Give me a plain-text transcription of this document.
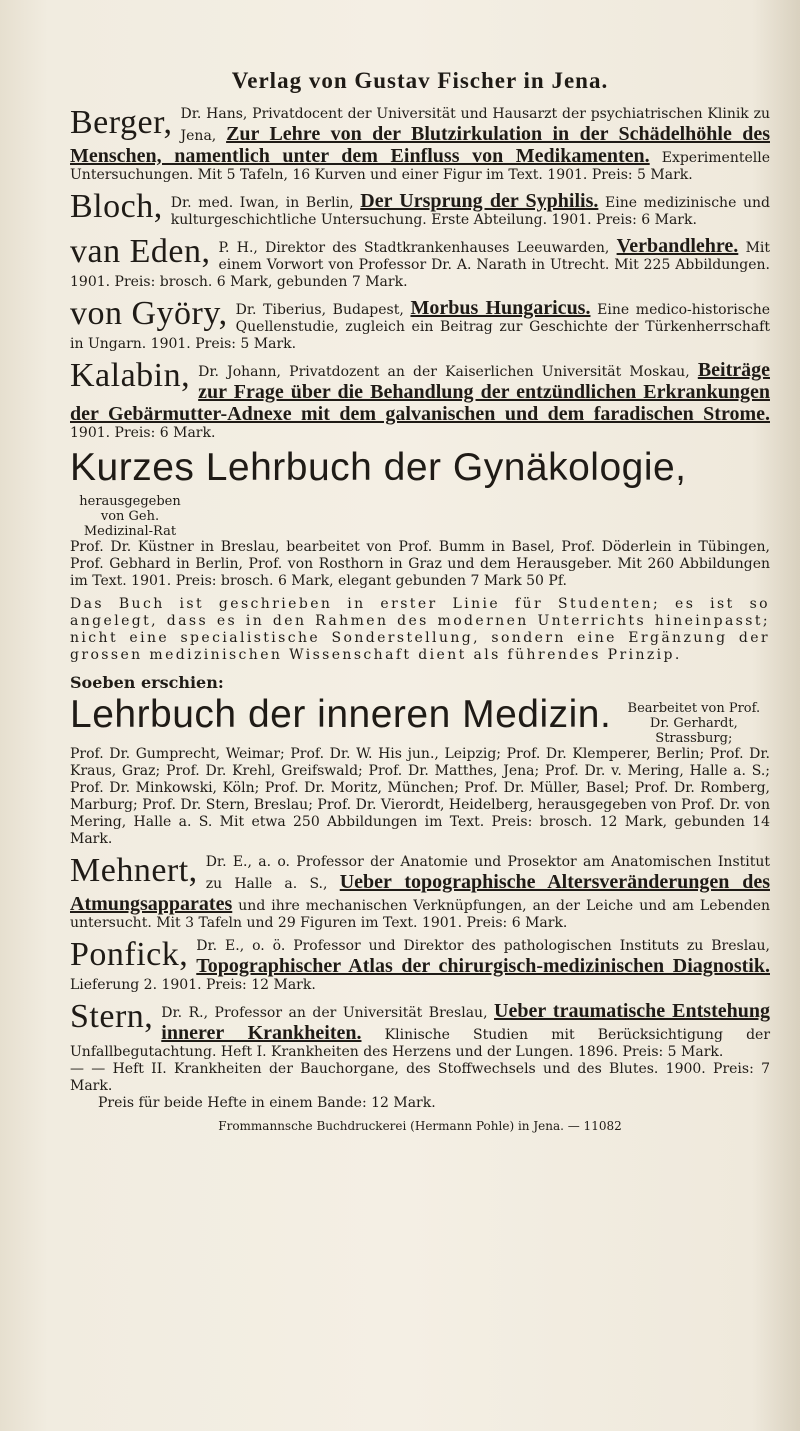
Verlag von Gustav Fischer in Jena.
Berger, Dr. Hans, Privatdocent der Universität und Hausarzt der psychiatrischen Klinik zu Jena, Zur Lehre von der Blutzirkulation in der Schädelhöhle des Menschen, namentlich unter dem Einfluss von Medikamenten. Experimentelle Untersuchungen. Mit 5 Tafeln, 16 Kurven und einer Figur im Text. 1901. Preis: 5 Mark.
Bloch, Dr. med. Iwan, in Berlin, Der Ursprung der Syphilis. Eine medizinische und kulturgeschichtliche Untersuchung. Erste Abteilung. 1901. Preis: 6 Mark.
van Eden, P. H., Direktor des Stadtkrankenhauses Leeuwarden, Verbandlehre. Mit einem Vorwort von Professor Dr. A. Narath in Utrecht. Mit 225 Abbildungen. 1901. Preis: brosch. 6 Mark, gebunden 7 Mark.
von Györy, Dr. Tiberius, Budapest, Morbus Hungaricus. Eine medico-historische Quellenstudie, zugleich ein Beitrag zur Geschichte der Türkenherrschaft in Ungarn. 1901. Preis: 5 Mark.
Kalabin, Dr. Johann, Privatdozent an der Kaiserlichen Universität Moskau, Beiträge zur Frage über die Behandlung der entzündlichen Erkrankungen der Gebärmutter-Adnexe mit dem galvanischen und dem faradischen Strome. 1901. Preis: 6 Mark.
Kurzes Lehrbuch der Gynäkologie,
herausgegeben von Geh. Medizinal-Rat
Prof. Dr. Küstner in Breslau, bearbeitet von Prof. Bumm in Basel, Prof. Döderlein in Tübingen, Prof. Gebhard in Berlin, Prof. von Rosthorn in Graz und dem Herausgeber. Mit 260 Abbildungen im Text. 1901. Preis: brosch. 6 Mark, elegant gebunden 7 Mark 50 Pf.
Das Buch ist geschrieben in erster Linie für Studenten; es ist so angelegt, dass es in den Rahmen des modernen Unterrichts hineinpasst; nicht eine specialistische Sonderstellung, sondern eine Ergänzung der grossen medizinischen Wissenschaft dient als führendes Prinzip.
Soeben erschien:
Lehrbuch der inneren Medizin.	Bearbeitet von Prof. Dr. Gerhardt, Strassburg;
Prof. Dr. Gumprecht, Weimar; Prof. Dr. W. His jun., Leipzig; Prof. Dr. Klemperer, Berlin; Prof. Dr. Kraus, Graz; Prof. Dr. Krehl, Greifswald; Prof. Dr. Matthes, Jena; Prof. Dr. v. Mering, Halle a. S.; Prof. Dr. Minkowski, Köln; Prof. Dr. Moritz, München; Prof. Dr. Müller, Basel; Prof. Dr. Romberg, Marburg; Prof. Dr. Stern, Breslau; Prof. Dr. Vierordt, Heidelberg, herausgegeben von Prof. Dr. von Mering, Halle a. S. Mit etwa 250 Abbildungen im Text. Preis: brosch. 12 Mark, gebunden 14 Mark.
Mehnert, Dr. E., a. o. Professor der Anatomie und Prosektor am Anatomischen Institut zu Halle a. S., Ueber topographische Altersveränderungen des Atmungsapparates und ihre mechanischen Verknüpfungen, an der Leiche und am Lebenden untersucht. Mit 3 Tafeln und 29 Figuren im Text. 1901. Preis: 6 Mark.
Ponfick, Dr. E., o. ö. Professor und Direktor des pathologischen Instituts zu Breslau, Topographischer Atlas der chirurgisch-medizinischen Diagnostik. Lieferung 2. 1901. Preis: 12 Mark.
Stern, Dr. R., Professor an der Universität Breslau, Ueber traumatische Entstehung innerer Krankheiten. Klinische Studien mit Berücksichtigung der Unfallbegutachtung. Heft I. Krankheiten des Herzens und der Lungen. 1896. Preis: 5 Mark.
— — Heft II. Krankheiten der Bauchorgane, des Stoffwechsels und des Blutes. 1900. Preis: 7 Mark.
Preis für beide Hefte in einem Bande: 12 Mark.
Frommannsche Buchdruckerei (Hermann Pohle) in Jena. — 11082
